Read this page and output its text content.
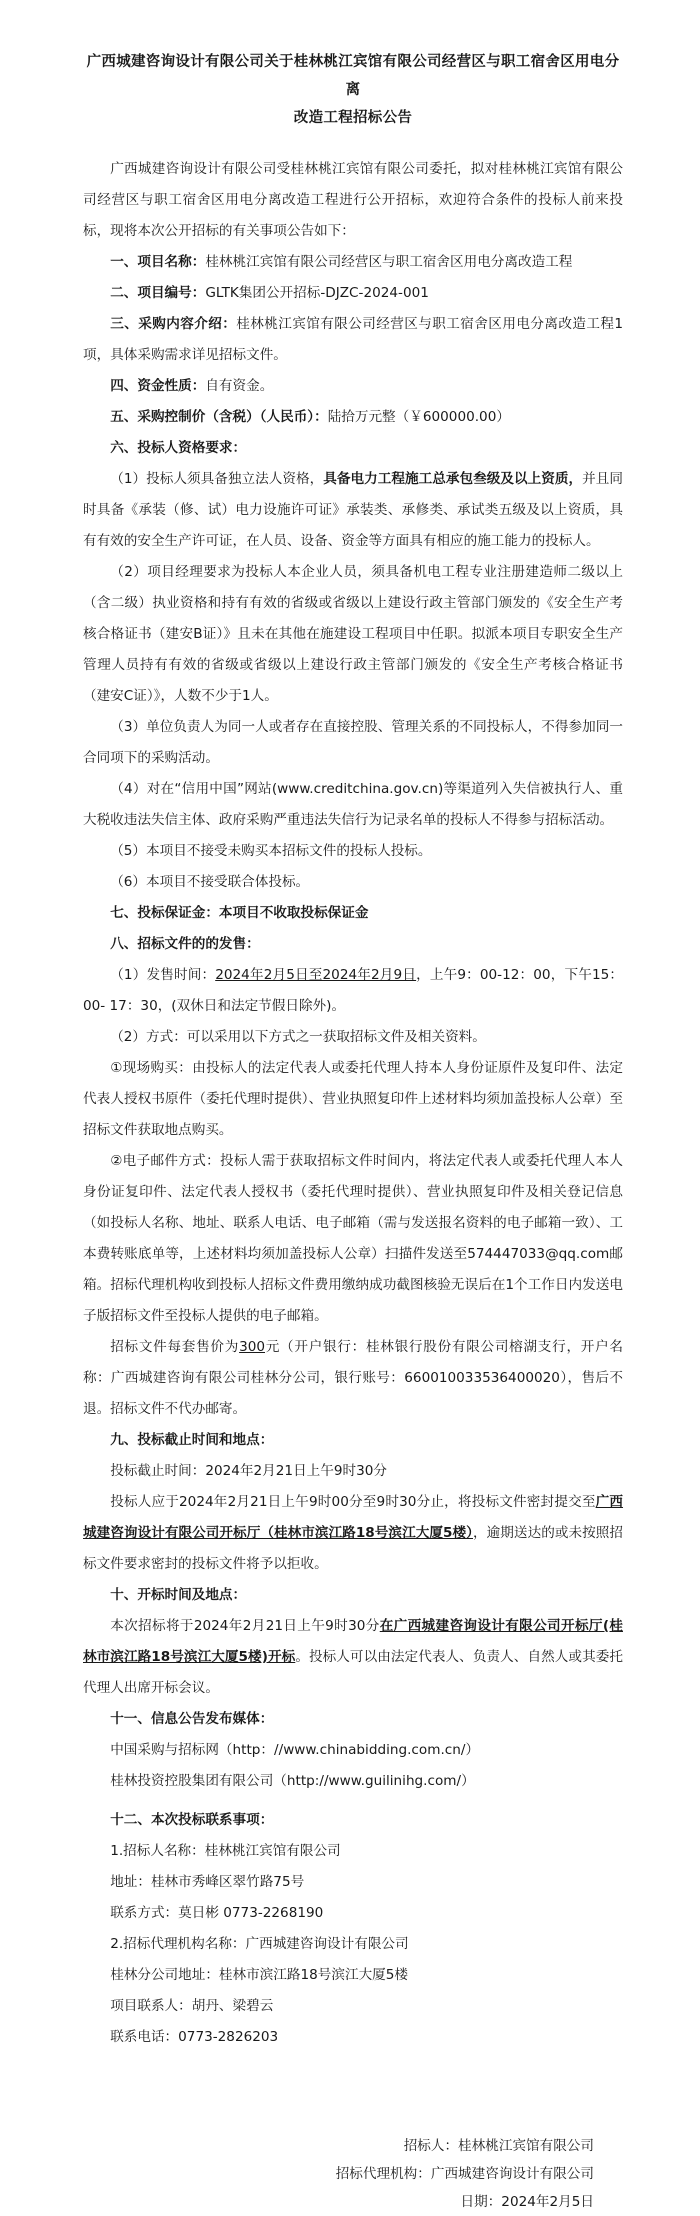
广西城建咨询设计有限公司关于桂林桃江宾馆有限公司经营区与职工宿舍区用电分离
改造工程招标公告

广西城建咨询设计有限公司受桂林桃江宾馆有限公司委托，拟对桂林桃江宾馆有限公司经营区与职工宿舍区用电分离改造工程进行公开招标，欢迎符合条件的投标人前来投标，现将本次公开招标的有关事项公告如下：

一、项目名称：桂林桃江宾馆有限公司经营区与职工宿舍区用电分离改造工程

二、项目编号：GLTK集团公开招标-DJZC-2024-001

三、采购内容介绍：桂林桃江宾馆有限公司经营区与职工宿舍区用电分离改造工程1项，具体采购需求详见招标文件。

四、资金性质：自有资金。

五、采购控制价（含税）（人民币）：陆拾万元整（￥600000.00）

六、投标人资格要求：

（1）投标人须具备独立法人资格，具备电力工程施工总承包叁级及以上资质，并且同时具备《承装（修、试）电力设施许可证》承装类、承修类、承试类五级及以上资质，具有有效的安全生产许可证，在人员、设备、资金等方面具有相应的施工能力的投标人。

（2）项目经理要求为投标人本企业人员，须具备机电工程专业注册建造师二级以上（含二级）执业资格和持有有效的省级或省级以上建设行政主管部门颁发的《安全生产考核合格证书（建安B证）》且未在其他在施建设工程项目中任职。拟派本项目专职安全生产管理人员持有有效的省级或省级以上建设行政主管部门颁发的《安全生产考核合格证书（建安C证）》，人数不少于1人。

（3）单位负责人为同一人或者存在直接控股、管理关系的不同投标人，不得参加同一合同项下的采购活动。

（4）对在“信用中国”网站(www.creditchina.gov.cn)等渠道列入失信被执行人、重大税收违法失信主体、政府采购严重违法失信行为记录名单的投标人不得参与招标活动。

（5）本项目不接受未购买本招标文件的投标人投标。

（6）本项目不接受联合体投标。

七、投标保证金：本项目不收取投标保证金

八、招标文件的的发售：

（1）发售时间：2024年2月5日至2024年2月9日，上午9：00-12：00，下午15：00- 17：30，(双休日和法定节假日除外)。

（2）方式：可以采用以下方式之一获取招标文件及相关资料。

①现场购买：由投标人的法定代表人或委托代理人持本人身份证原件及复印件、法定代表人授权书原件（委托代理时提供）、营业执照复印件上述材料均须加盖投标人公章）至招标文件获取地点购买。

②电子邮件方式：投标人需于获取招标文件时间内，将法定代表人或委托代理人本人身份证复印件、法定代表人授权书（委托代理时提供）、营业执照复印件及相关登记信息（如投标人名称、地址、联系人电话、电子邮箱（需与发送报名资料的电子邮箱一致）、工本费转账底单等，上述材料均须加盖投标人公章）扫描件发送至574447033@qq.com邮箱。招标代理机构收到投标人招标文件费用缴纳成功截图核验无误后在1个工作日内发送电子版招标文件至投标人提供的电子邮箱。

招标文件每套售价为300元（开户银行：桂林银行股份有限公司榕湖支行，开户名称：广西城建咨询有限公司桂林分公司，银行账号：660010033536400020），售后不退。招标文件不代办邮寄。

九、投标截止时间和地点：

投标截止时间：2024年2月21日上午9时30分

投标人应于2024年2月21日上午9时00分至9时30分止，将投标文件密封提交至广西城建咨询设计有限公司开标厅（桂林市滨江路18号滨江大厦5楼），逾期送达的或未按照招标文件要求密封的投标文件将予以拒收。

十、开标时间及地点：

本次招标将于2024年2月21日上午9时30分在广西城建咨询设计有限公司开标厅(桂林市滨江路18号滨江大厦5楼)开标。投标人可以由法定代表人、负责人、自然人或其委托代理人出席开标会议。

十一、信息公告发布媒体：

中国采购与招标网（http：//www.chinabidding.com.cn/）

桂林投资控股集团有限公司（http://www.guilinihg.com/）

十二、本次投标联系事项：

1.招标人名称：桂林桃江宾馆有限公司

地址：桂林市秀峰区翠竹路75号

联系方式：莫日彬 0773-2268190

2.招标代理机构名称：广西城建咨询设计有限公司

桂林分公司地址：桂林市滨江路18号滨江大厦5楼

项目联系人：胡丹、梁碧云

联系电话：0773-2826203

招标人：桂林桃江宾馆有限公司
招标代理机构：广西城建咨询设计有限公司
日期：2024年2月5日
